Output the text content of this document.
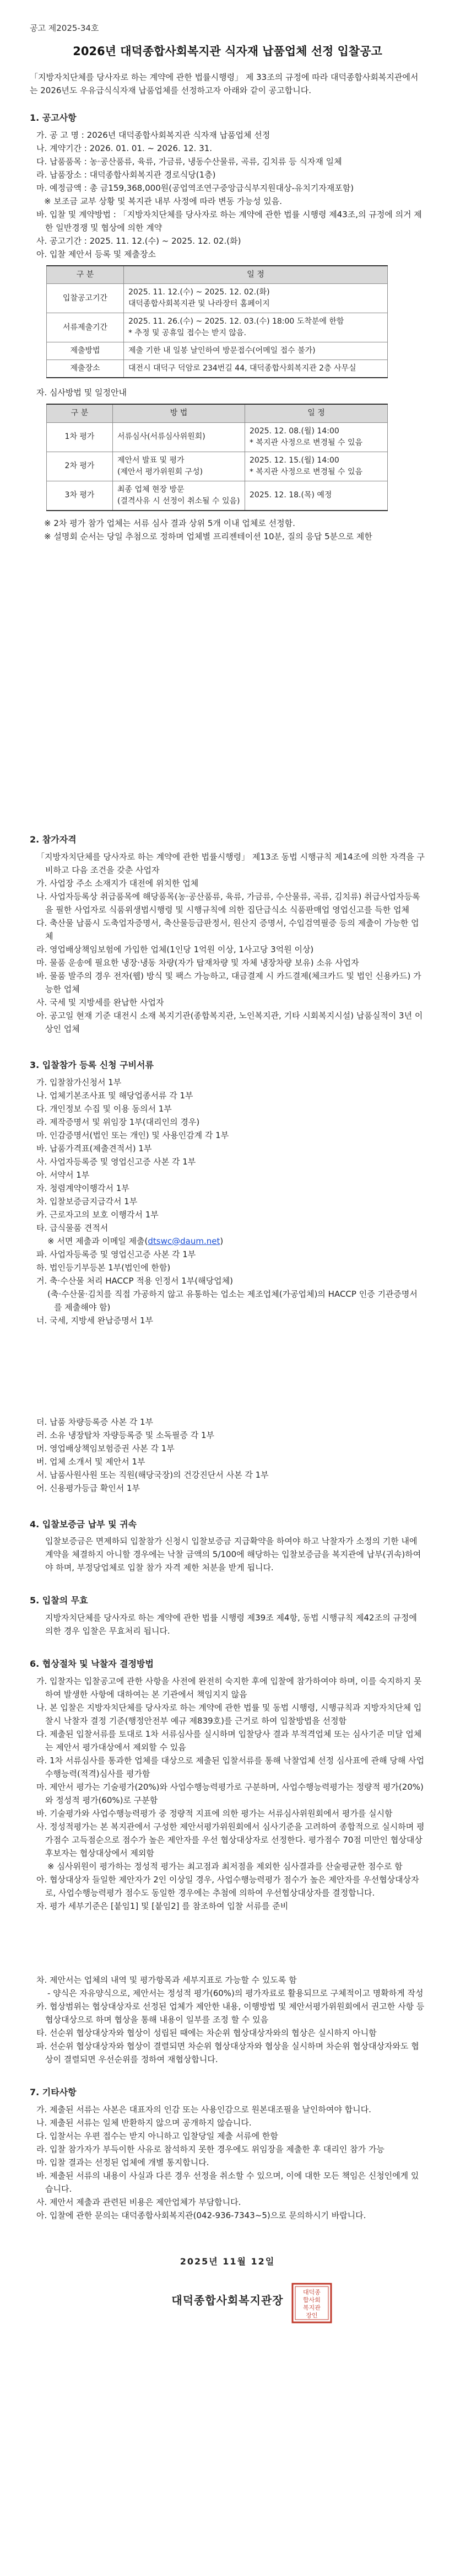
공고 제2025-34호
2026년 대덕종합사회복지관 식자재 납품업체 선정 입찰공고
「지방자치단체를 당사자로 하는 계약에 관한 법률시행령」 제 33조의 규정에 따라 대덕종합사회복지관에서는 2026년도 우유급식식자재 납품업체를 선정하고자 아래와 같이 공고합니다.
1. 공고사항
가. 공 고 명 : 2026년 대덕종합사회복지관 식자재 납품업체 선정
나. 계약기간 : 2026. 01. 01. ~ 2026. 12. 31.
다. 납품품목 : 농·공산품류, 육류, 가금류, 냉동수산물류, 곡류, 김치류 등 식자재 일체
라. 납품장소 : 대덕종합사회복지관 경로식당(1층)
마. 예정금액 : 총 금159,368,000원(공업역조연구중앙급식부지원대상-유치기자재포함)
※ 보조금 교부 상황 및 복지관 내부 사정에 따라 변동 가능성 있음.
바. 입찰 및 계약방법 : 「지방자치단체를 당사자로 하는 계약에 관한 법률 시행령 제43조,의 규정에 의거 제한 일반경쟁 및 협상에 의한 계약
사. 공고기간 : 2025. 11. 12.(수) ~ 2025. 12. 02.(화)
아. 입찰 제안서 등록 및 제출장소
구 분	일 정
입찰공고기간	2025. 11. 12.(수) ~ 2025. 12. 02.(화)
대덕종합사회복지관 및 나라장터 홈페이지

서류제출기간	2025. 11. 26.(수) ~ 2025. 12. 03.(수) 18:00 도착분에 한함
* 추정 및 공휴일 접수는 받지 않음.

제출방법	제출 기한 내 일봉 날인하여 방문접수(어메일 접수 불가)
제출장소	대전시 대덕구 덕암로 234번길 44, 대덕종합사회복지관 2층 사무실
자. 심사방법 및 일정안내
구 분	방 법	일 정
1차 평가	서류심사(서류심사위원회)	2025. 12. 08.(월) 14:00
* 복지관 사정으로 변경될 수 있음

2차 평가	제안서 발표 및 평가
(제안서 평가위원회 구성)	2025. 12. 15.(월) 14:00
* 복지관 사정으로 변경될 수 있음

3차 평가	최종 업체 현장 방문
(결격사유 시 선정이 취소될 수 있음)	2025. 12. 18.(목) 예정
※ 2차 평가 참가 업체는 서류 심사 결과 상위 5개 이내 업체로 선정함.
※ 설명회 순서는 당일 추첨으로 정하며 업체별 프리젠테이션 10분, 질의 응답 5분으로 제한
2. 참가자격
「지방자치단체를 당사자로 하는 계약에 관한 법률시행령」 제13조 동법 시행규칙 제14조에 의한 자격을 구비하고 다음 조건을 갖춘 사업자
가. 사업장 주소 소재지가 대전에 위치한 업체
나. 사업자등록상 취급품목에 해당품목(농·공산품류, 육류, 가금류, 수산물류, 곡류, 김치류) 취급사업자등록을 필한 사업자로 식품위생법시행령 및 시행규칙에 의한 집단급식소 식품판매업 영업신고를 득한 업체
다. 축산물 납품시 도축업자증명서, 축산물등급판정서, 원산지 증명서, 수입검역필증 등의 제출이 가능한 업체
라. 영업배상책임보험에 가입한 업체(1인당 1억원 이상, 1사고당 3억원 이상)
마. 물품 운송에 필요한 냉장·냉동 차량(자가 탑재차량 및 자체 냉장차량 보유) 소유 사업자
바. 물품 발주의 경우 전자(웹) 방식 및 팩스 가능하고, 대금결제 시 카드결제(체크카드 및 법인 신용카드) 가능한 업체
사. 국세 및 지방세를 완납한 사업자
아. 공고일 현재 기준 대전시 소재 복지기관(종합복지관, 노인복지관, 기타 시회복지시설) 납품실적이 3년 이상인 업체
3. 입찰참가 등록 신청 구비서류
가. 입찰참가신청서 1부
나. 업체기본조사표 및 해당업종서류 각 1부
다. 개인정보 수집 및 이용 동의서 1부
라. 제작증명서 및 위임장 1부(대리인의 경우)
마. 인감증명서(법인 또는 개인) 및 사용인감계 각 1부
바. 납품가격표(제출견적서) 1부
사. 사업자등록증 및 영업신고증 사본 각 1부
아. 서약서 1부
자. 청렴계약이행각서 1부
차. 입찰보증금지급각서 1부
카. 근로자고의 보호 이행각서 1부
타. 급식물품 견적서
※ 서면 제출과 이메일 제출(dtswc@daum.net)
파. 사업자등록증 및 영업신고증 사본 각 1부
하. 법인등기부등본 1부(법인에 한함)
거. 축·수산물 처리 HACCP 적용 인정서 1부(해당업체)
(축·수산물·김치를 직접 가공하지 않고 유통하는 업소는 제조업체(가공업체)의 HACCP 인증 기관증명서를 제출해야 함)
너. 국세, 지방세 완납증명서 1부
더. 납품 차량등록증 사본 각 1부
러. 소유 냉장탑차 자량등록증 및 소독필증 각 1부
머. 영업배상책임보험증권 사본 각 1부
버. 업체 소개서 및 제안서 1부
서. 납품사원사원 또는 직원(해당국장)의 건강진단서 사본 각 1부
어. 신용평가등급 확인서 1부
4. 입찰보증금 납부 및 귀속
입찰보증금은 면제하되 입찰참가 신청시 입찰보증금 지급확약을 하여야 하고 낙찰자가 소정의 기한 내에 계약을 체결하지 아니할 경우에는 낙찰 금액의 5/100에 해당하는 입찰보증금을 복지관에 납부(귀속)하여야 하며, 부정당업체로 입찰 참가 자격 제한 처분을 받게 됩니다.
5. 입찰의 무효
지방자치단체를 당사자로 하는 계약에 관한 법률 시행령 제39조 제4항, 동법 시행규칙 제42조의 규정에 의한 경우 입찰은 무효처리 됩니다.
6. 협상절차 및 낙찰자 결정방법
가. 입찰자는 입찰공고에 관한 사항을 사전에 완전히 숙지한 후에 입찰에 참가하여야 하며, 이를 숙지하지 못하여 발생한 사항에 대하여는 본 기관에서 책임지지 않음
나. 본 입찰은 지방자치단체를 당사자로 하는 계약에 관한 법률 및 동법 시행령, 시행규칙과 지방자치단체 입찰시 낙찰자 결정 기준(행정안전부 예규 제839호)를 근거로 하여 입찰방법을 선정함
다. 제출된 입찰서류를 토대로 1차 서류심사를 실시하며 입찰당사 결과 부적격업체 또는 심사기준 미달 업체는 제안서 평가대상에서 제외할 수 있음
라. 1차 서류심사를 통과한 업체를 대상으로 제출된 입찰서류를 통해 낙찰업체 선정 심사표에 관해 당해 사업수행능력(적격)심사를 평가함
마. 제안서 평가는 기술평가(20%)와 사업수행능력평가로 구분하며, 사업수행능력평가는 정량적 평가(20%)와 정성적 평가(60%)로 구분함
바. 기술평가와 사업수행능력평가 중 정량적 지표에 의한 평가는 서류심사위원회에서 평가를 실시함
사. 정성적평가는 본 복지관에서 구성한 제안서평가위원회에서 심사기준을 고려하여 종합적으로 실시하며 평가점수 고득점순으로 점수가 높은 제안자를 우선 협상대상자로 선정한다. 평가점수 70점 미만인 협상대상후보자는 협상대상에서 제외함
※ 심사위원이 평가하는 정성적 평가는 최고점과 최저점을 제외한 심사결과를 산술평균한 점수로 함
아. 협상대상자 들일한 제안자가 2인 이상일 경우, 사업수행능력평가 점수가 높은 제안자를 우선협상대상자로, 사업수행능력평가 점수도 동일한 경우에는 추첨에 의하여 우선협상대상자를 결정합니다.
자. 평가 세부기준은 [붙임1] 및 [붙임2] 를 참조하여 입찰 서류를 준비
차. 제안서는 업체의 내역 및 평가항목과 세부지표로 가능할 수 있도록 함
- 양식은 자유양식으로, 제안서는 정성적 평가(60%)의 평가자료로 활용되므로 구체적이고 명확하게 작성
카. 협상범위는 협상대상자로 선정된 업체가 제안한 내용, 이행방법 및 제안서평가위원회에서 권고한 사항 등 협상대상으로 하며 협상을 통해 내용이 일부를 조정 할 수 있음
타. 선순위 협상대상자와 협상이 성립된 때에는 차순위 협상대상자와의 협상은 실시하지 아니함
파. 선순위 협상대상자와 협상이 결렬되면 차순위 협상대상자와 협상을 실시하며 차순위 협상대상자와도 협상이 결렬되면 우선순위를 정하여 재협상합니다.
7. 기타사항
가. 제출된 서류는 사본은 대표자의 인감 또는 사용인감으로 원본대조필을 날인하여야 합니다.
나. 제출된 서류는 일체 반환하지 않으며 공개하지 않습니다.
다. 입찰서는 우편 접수는 받지 아니하고 입찰당일 제출 서류에 한함
라. 입찰 참가자가 부득이한 사유로 참석하지 못한 경우에도 위임장을 제출한 후 대리인 참가 가능
마. 입찰 결과는 선정된 업체에 개별 통지합니다.
바. 제출된 서류의 내용이 사실과 다른 경우 선정을 취소할 수 있으며, 이에 대한 모든 책임은 신청인에게 있습니다.
사. 제안서 제출과 관련된 비용은 제안업체가 부담합니다.
아. 입찰에 관한 문의는 대덕종합사회복지관(042-936-7343~5)으로 문의하시기 바랍니다.
2025년 11월 12일
대덕종합사회복지관장
대덕종
합사회
복지관
장인
